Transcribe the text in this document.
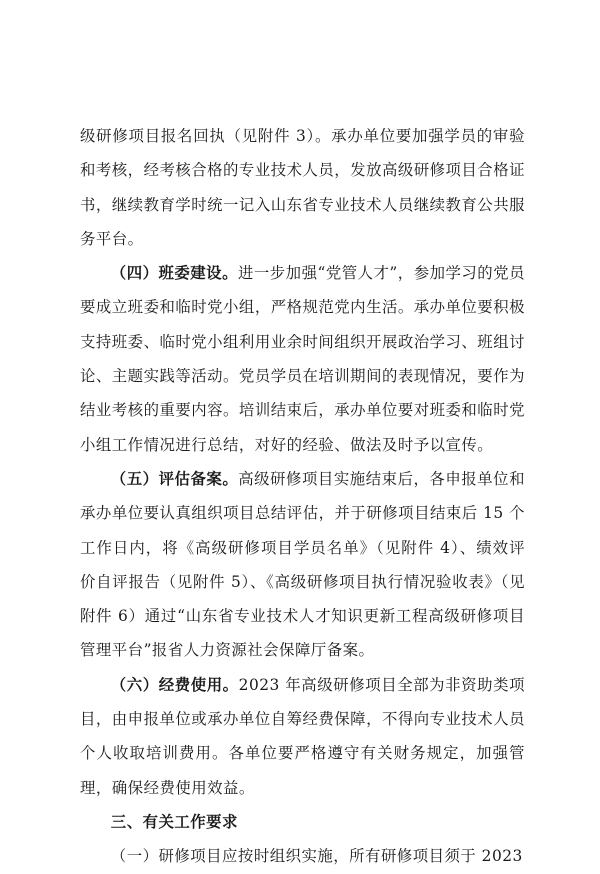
级研修项目报名回执（见附件 3）。承办单位要加强学员的审验和考核，经考核合格的专业技术人员，发放高级研修项目合格证书，继续教育学时统一记入山东省专业技术人员继续教育公共服务平台。

（四）班委建设。进一步加强“党管人才”，参加学习的党员要成立班委和临时党小组，严格规范党内生活。承办单位要积极支持班委、临时党小组利用业余时间组织开展政治学习、班组讨论、主题实践等活动。党员学员在培训期间的表现情况，要作为结业考核的重要内容。培训结束后，承办单位要对班委和临时党小组工作情况进行总结，对好的经验、做法及时予以宣传。

（五）评估备案。高级研修项目实施结束后，各申报单位和承办单位要认真组织项目总结评估，并于研修项目结束后 15 个工作日内，将《高级研修项目学员名单》（见附件 4）、绩效评价自评报告（见附件 5）、《高级研修项目执行情况验收表》（见附件 6）通过“山东省专业技术人才知识更新工程高级研修项目管理平台”报省人力资源社会保障厅备案。

（六）经费使用。2023 年高级研修项目全部为非资助类项目，由申报单位或承办单位自筹经费保障，不得向专业技术人员个人收取培训费用。各单位要严格遵守有关财务规定，加强管理，确保经费使用效益。

三、有关工作要求

（一）研修项目应按时组织实施，所有研修项目须于 2023
